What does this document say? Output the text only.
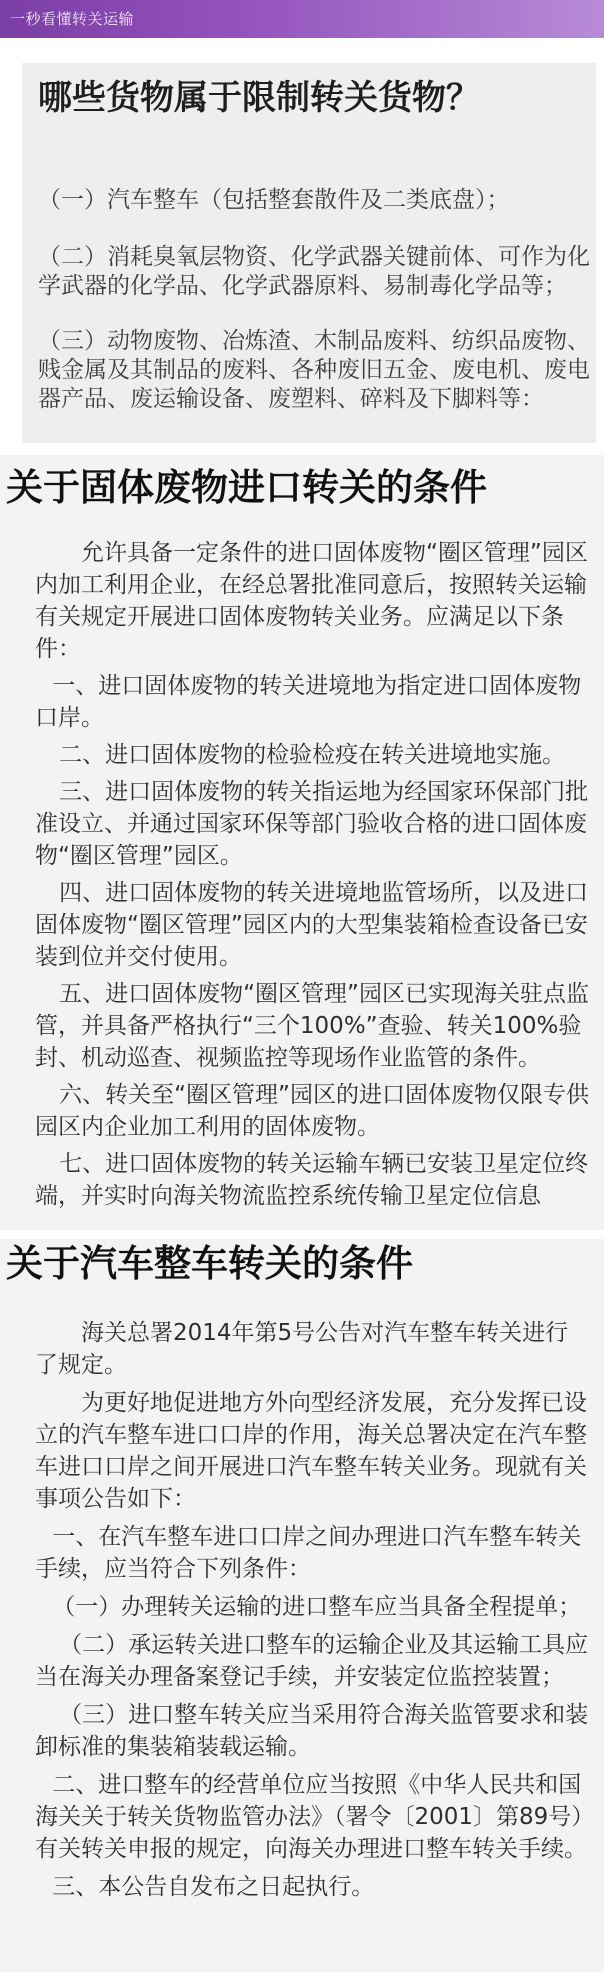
一秒看懂转关运输
哪些货物属于限制转关货物？

（一）汽车整车（包括整套散件及二类底盘）；

（二）消耗臭氧层物资、化学武器关键前体、可作为化学武器的化学品、化学武器原料、易制毒化学品等；

（三）动物废物、冶炼渣、木制品废料、纺织品废物、贱金属及其制品的废料、各种废旧五金、废电机、废电器产品、废运输设备、废塑料、碎料及下脚料等：

关于固体废物进口转关的条件

允许具备一定条件的进口固体废物“圈区管理”园区内加工利用企业，在经总署批准同意后，按照转关运输有关规定开展进口固体废物转关业务。应满足以下条件：

一、进口固体废物的转关进境地为指定进口固体废物口岸。

二、进口固体废物的检验检疫在转关进境地实施。

三、进口固体废物的转关指运地为经国家环保部门批准设立、并通过国家环保等部门验收合格的进口固体废物“圈区管理”园区。

四、进口固体废物的转关进境地监管场所，以及进口固体废物“圈区管理”园区内的大型集装箱检查设备已安装到位并交付使用。

五、进口固体废物“圈区管理”园区已实现海关驻点监管，并具备严格执行“三个100%”查验、转关100%验封、机动巡查、视频监控等现场作业监管的条件。

六、转关至“圈区管理”园区的进口固体废物仅限专供园区内企业加工利用的固体废物。

七、进口固体废物的转关运输车辆已安装卫星定位终端，并实时向海关物流监控系统传输卫星定位信息

关于汽车整车转关的条件

海关总署2014年第5号公告对汽车整车转关进行了规定。

为更好地促进地方外向型经济发展，充分发挥已设立的汽车整车进口口岸的作用，海关总署决定在汽车整车进口口岸之间开展进口汽车整车转关业务。现就有关事项公告如下：

一、在汽车整车进口口岸之间办理进口汽车整车转关手续，应当符合下列条件：

（一）办理转关运输的进口整车应当具备全程提单；

（二）承运转关进口整车的运输企业及其运输工具应当在海关办理备案登记手续，并安装定位监控装置；

（三）进口整车转关应当采用符合海关监管要求和装卸标准的集装箱装载运输。

二、进口整车的经营单位应当按照《中华人民共和国海关关于转关货物监管办法》（署令〔2001〕第89号）有关转关申报的规定，向海关办理进口整车转关手续。

三、本公告自发布之日起执行。
